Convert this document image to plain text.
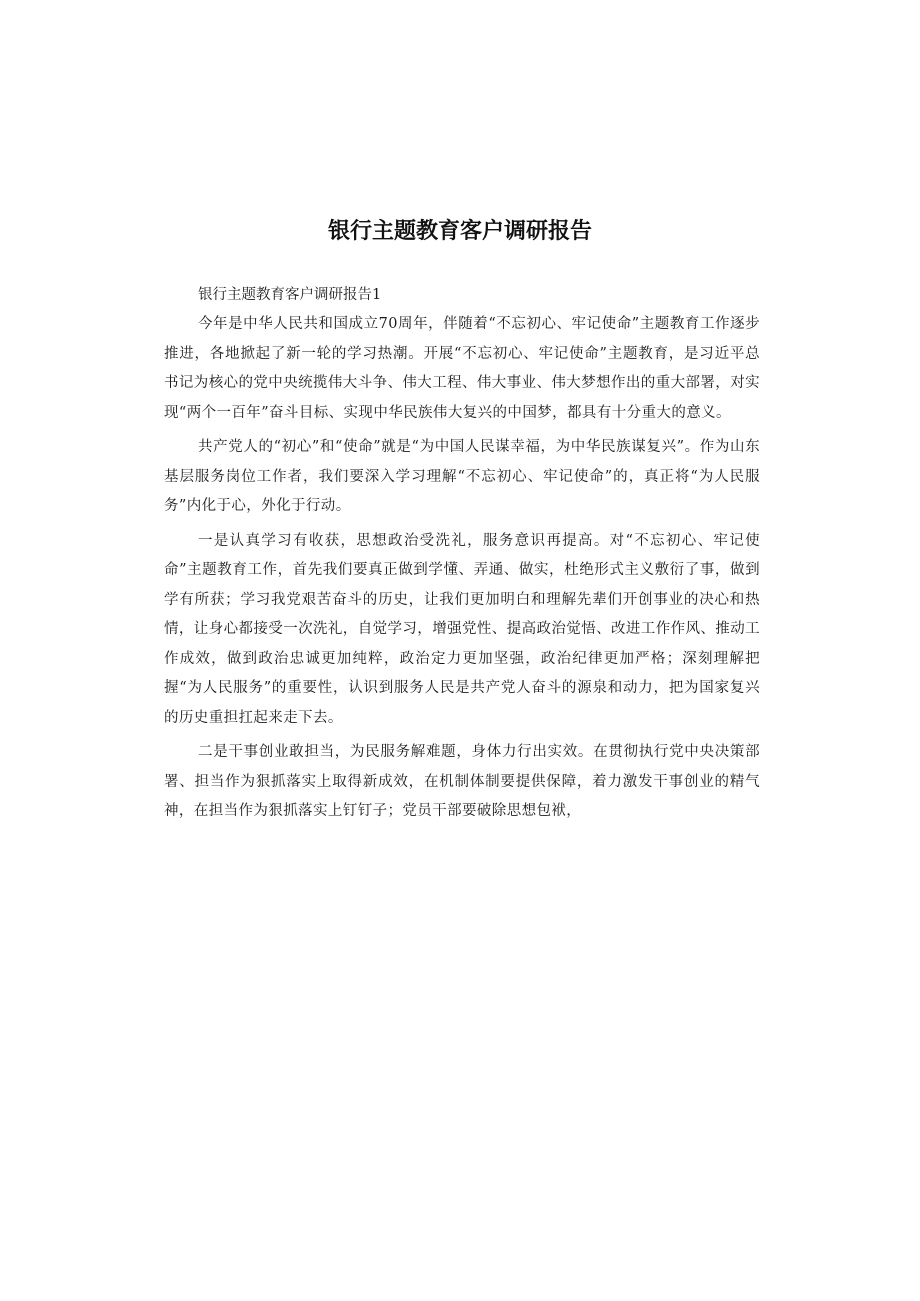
银行主题教育客户调研报告

银行主题教育客户调研报告1

今年是中华人民共和国成立70周年，伴随着“不忘初心、牢记使命”主题教育工作逐步推进，各地掀起了新一轮的学习热潮。开展“不忘初心、牢记使命”主题教育，是习近平总书记为核心的党中央统揽伟大斗争、伟大工程、伟大事业、伟大梦想作出的重大部署，对实现“两个一百年”奋斗目标、实现中华民族伟大复兴的中国梦，都具有十分重大的意义。

共产党人的“初心”和“使命”就是“为中国人民谋幸福，为中华民族谋复兴”。作为山东基层服务岗位工作者，我们要深入学习理解“不忘初心、牢记使命”的，真正将“为人民服务”内化于心，外化于行动。

一是认真学习有收获，思想政治受洗礼，服务意识再提高。对“不忘初心、牢记使命”主题教育工作，首先我们要真正做到学懂、弄通、做实，杜绝形式主义敷衍了事，做到学有所获；学习我党艰苦奋斗的历史，让我们更加明白和理解先辈们开创事业的决心和热情，让身心都接受一次洗礼，自觉学习，增强党性、提高政治觉悟、改进工作作风、推动工作成效，做到政治忠诚更加纯粹，政治定力更加坚强，政治纪律更加严格；深刻理解把握“为人民服务”的重要性，认识到服务人民是共产党人奋斗的源泉和动力，把为国家复兴的历史重担扛起来走下去。

二是干事创业敢担当，为民服务解难题，身体力行出实效。在贯彻执行党中央决策部署、担当作为狠抓落实上取得新成效，在机制体制要提供保障，着力激发干事创业的精气神，在担当作为狠抓落实上钉钉子；党员干部要破除思想包袱，
